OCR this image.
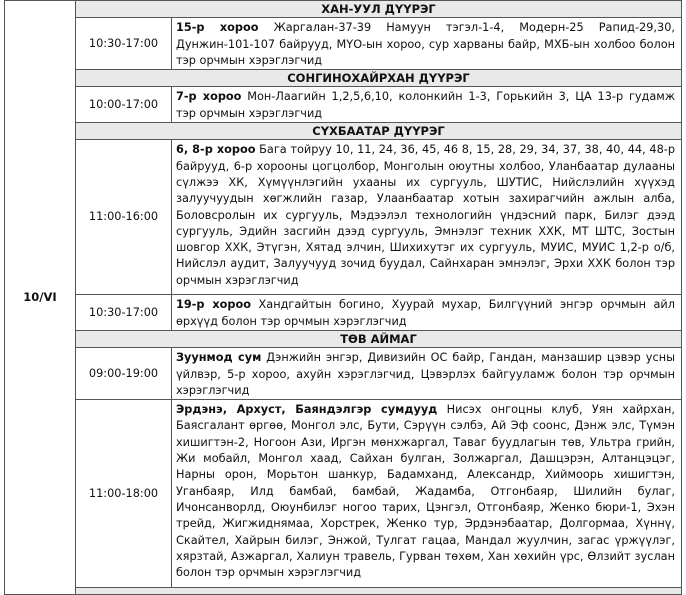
10/VI	ХАН-УУЛ ДҮҮРЭГ	
	10:30-17:00	15-р хороо Жаргалан-37-39 Намуун тэгэл-1-4, Модерн-25 Рапид-29,30, Дунжин-101-107 байрууд, МҮО-ын хороо, сур харваны байр, МХБ-ын холбоо болон тэр орчмын хэрэглэгчид
	СОНГИНОХАЙРХАН ДҮҮРЭГ	
	10:00-17:00	7-р хороо Мон-Лаагийн 1,2,5,6,10, колонкийн 1-3, Горькийн 3, ЦА 13-р гудамж тэр орчмын хэрэглэгчид
	СҮХБААТАР ДҮҮРЭГ	
	11:00-16:00	6, 8-р хороо Бага тойруу 10, 11, 24, 36, 45, 46 8, 15, 28, 29, 34, 37, 38, 40, 44, 48-р байрууд, 6-р хорооны цогцолбор, Монголын оюутны холбоо, Уланбаатар дулааны сүлжээ ХК, Хүмүүнлэгийн ухааны их сургууль, ШУТИС, Нийслэлийн хүүхэд залуучуудын хөгжлийн газар, Улаанбаатар хотын захирагчийн ажлын алба, Боловсролын их сургууль, Мэдээлэл технологийн үндэсний парк, Билэг дээд сургууль, Эдийн засгийн дээд сургууль, Эмнэлэг техник ХХК, МТ ШТС, Зостын шовгор ХХК, Этүгэн, Хятад элчин, Шихихутэг их сургууль, МУИС, МУИС 1,2-р о/б, Нийслэл аудит, Залуучууд зочид буудал, Сайнхаран эмнэлэг, Эрхи ХХК болон тэр орчмын хэрэглэгчид
	10:30-17:00	19-р хороо Хандгайтын богино, Хуурай мухар, Билгүүний энгэр орчмын айл өрхүүд болон тэр орчмын хэрэглэгчид
	ТӨВ АЙМАГ	
	09:00-19:00	Зуунмод сум Дэнжийн энгэр, Дивизийн ОС байр, Гандан, манзашир цэвэр усны үйлвэр, 5-р хороо, ахуйн хэрэглэгчид, Цэвэрлэх байгууламж болон тэр орчмын хэрэглэгчид
	11:00-18:00	Эрдэнэ, Архуст, Баяндэлгэр сумдууд Нисэх онгоцны клуб, Уян хайрхан, Баясгалант өргөө, Монгол элс, Бути, Сэрүүн сэлбэ, Ай Эф соонс, Дэнж элс, Түмэн хишигтэн-2, Ногоон Ази, Иргэн мөнхжаргал, Таваг буудлагын төв, Ультра грийн, Жи мобайл, Монгол хаад, Сайхан булган, Золжаргал, Дашцэрэн, Алтанцэцэг, Нарны орон, Морьтон шанкур, Бадамханд, Александр, Хиймоорь хишигтэн, Уганбаяр, Илд бамбай, бамбай, Жадамба, Отгонбаяр, Шилийн булаг, Ичонсанворлд, Оюунбилэг ногоо тарих, Цэнгэл, Отгонбаяр, Женко бюри-1, Эхэн трейд, Жигжиднямаа, Хорстрек, Женко тур, Эрдэнэбаатар, Долгормаа, Хүннү, Скайтел, Хайрын билэг, Энжой, Тулгат гацаа, Мандал жуулчин, загас үржүүлэг, хярзтай, Азжаргал, Халиун травель, Гурван төхөм, Хан хөхийн үрс, Өлзийт зуслан болон тэр орчмын хэрэглэгчид
